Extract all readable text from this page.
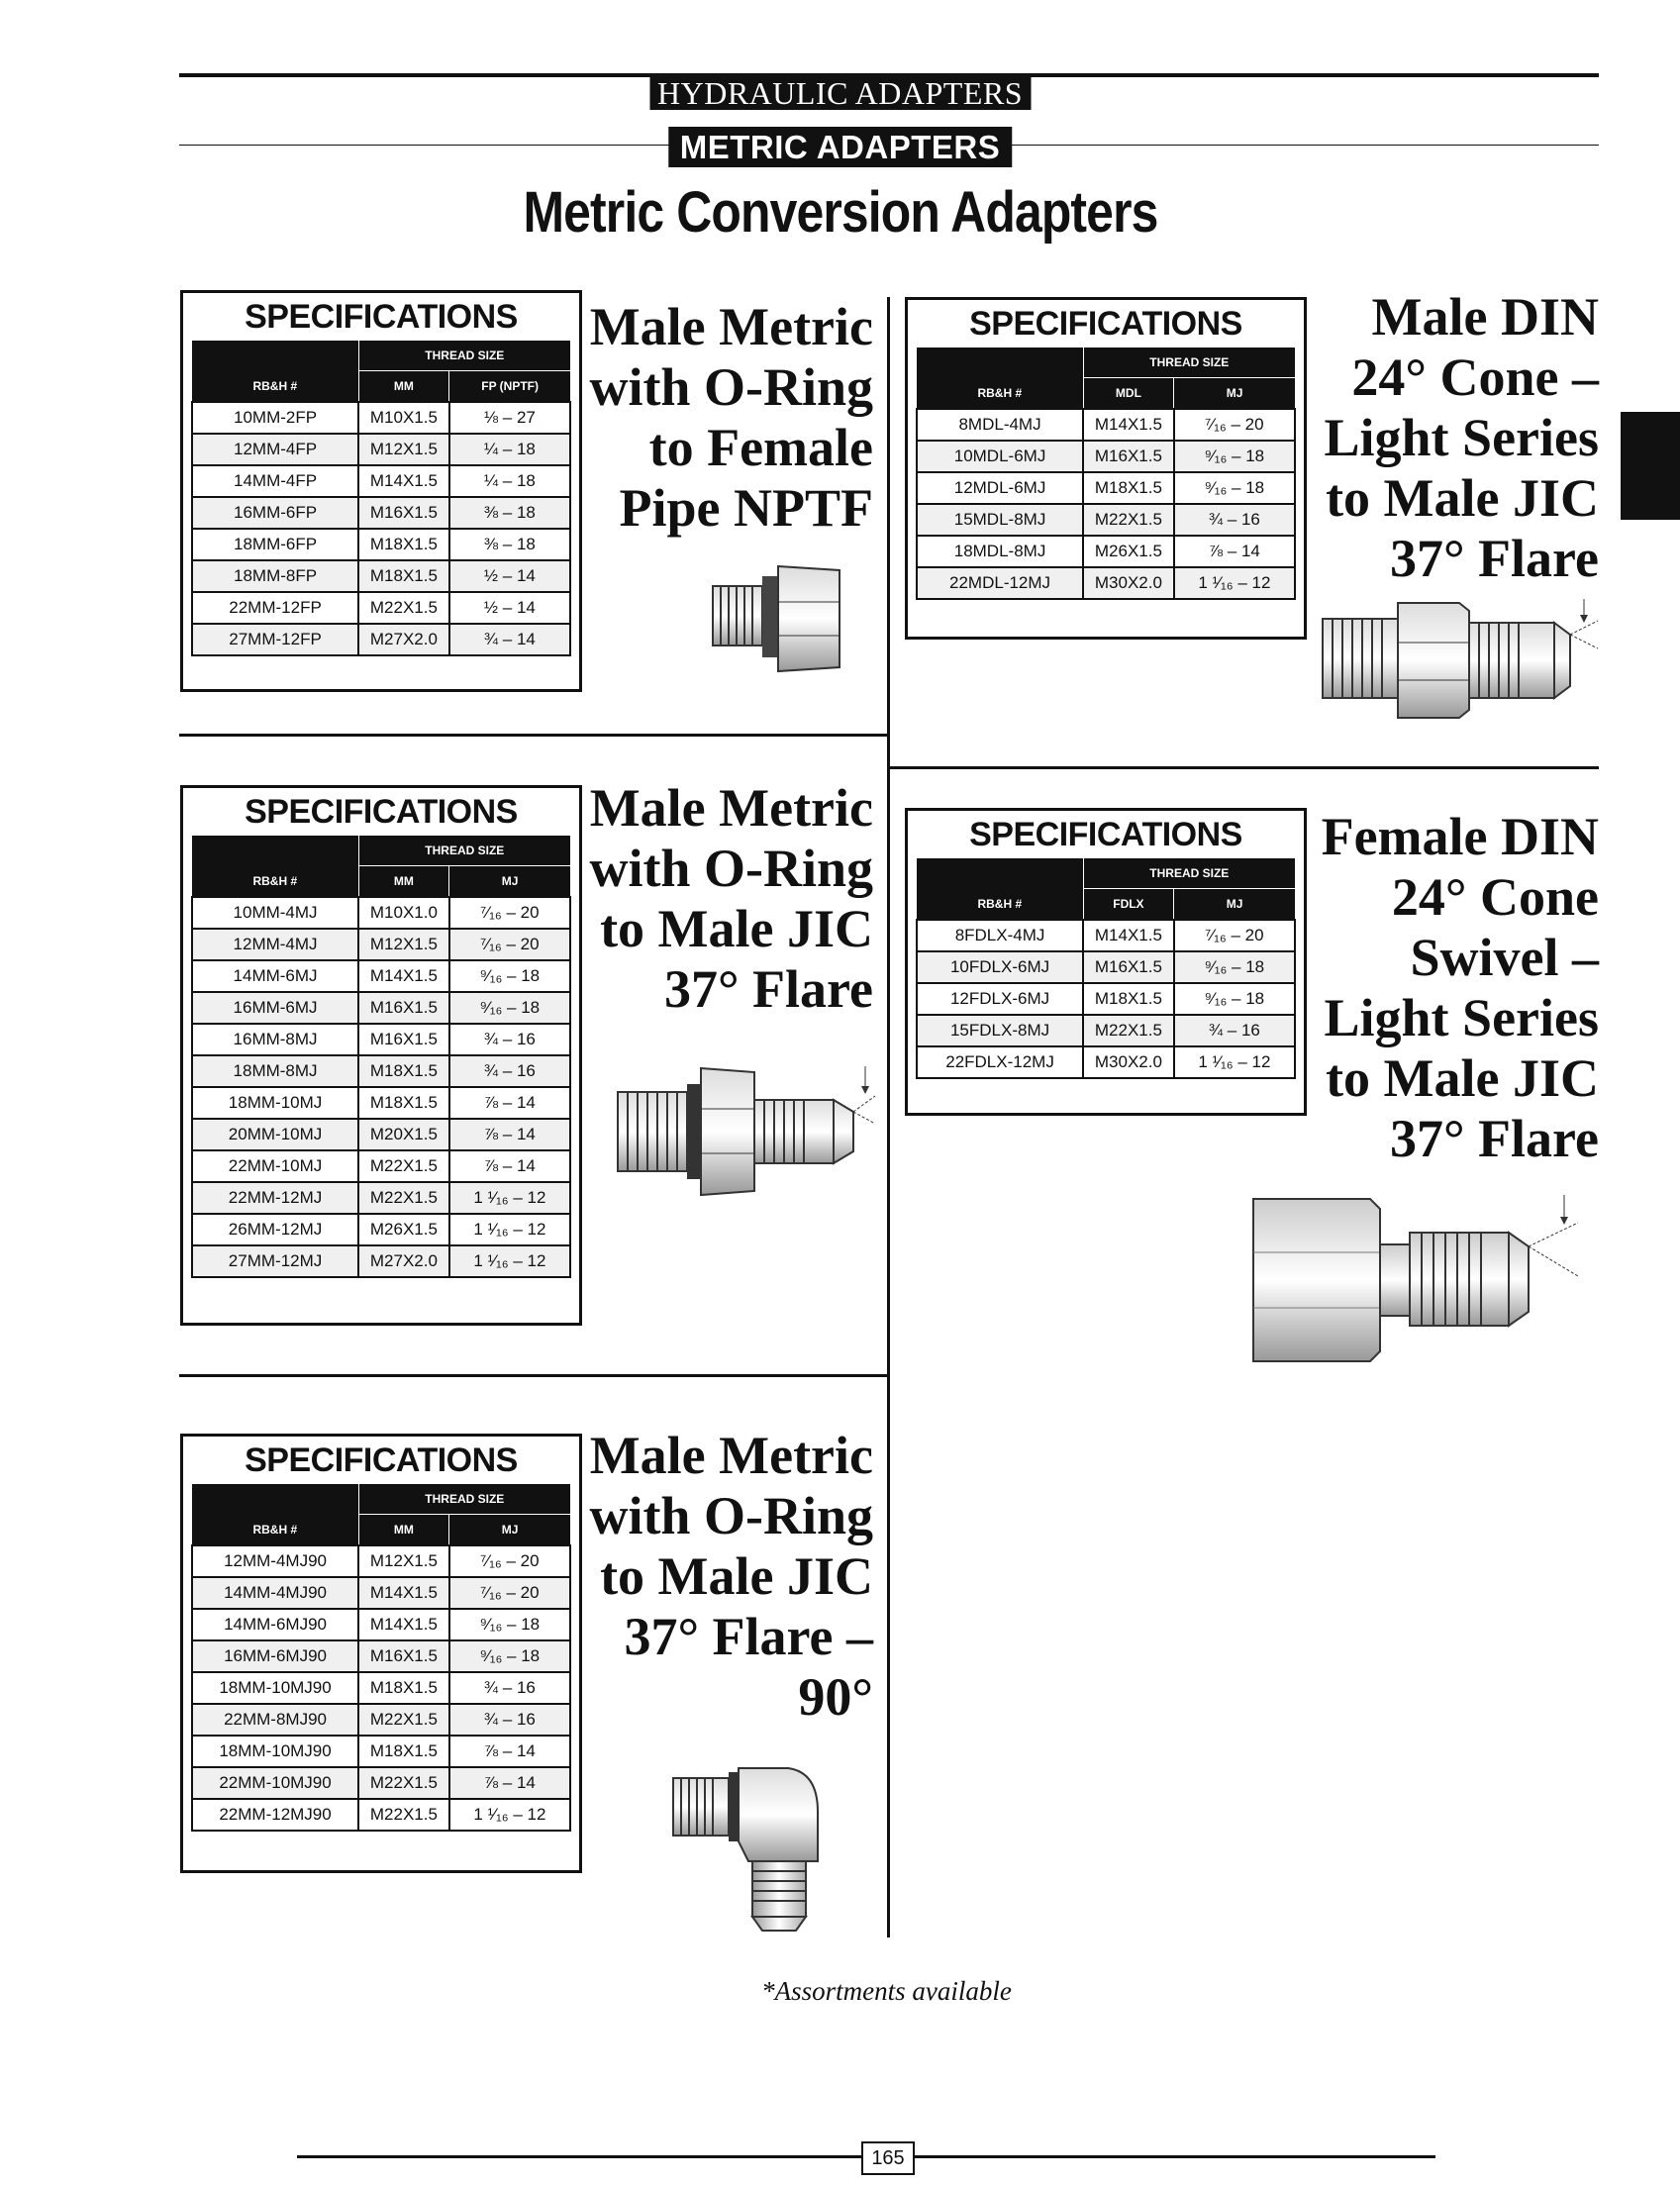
HYDRAULIC ADAPTERS
METRIC ADAPTERS
Metric Conversion Adapters
SPECIFICATIONS
	THREAD SIZE	
RB&H #	MM	FP (NPTF)
10MM-2FP	M10X1.5	⅛ – 27
12MM-4FP	M12X1.5	¼ – 18
14MM-4FP	M14X1.5	¼ – 18
16MM-6FP	M16X1.5	⅜ – 18
18MM-6FP	M18X1.5	⅜ – 18
18MM-8FP	M18X1.5	½ – 14
22MM-12FP	M22X1.5	½ – 14
27MM-12FP	M27X2.0	¾ – 14
Male Metric
with O-Ring
to Female
Pipe NPTF
SPECIFICATIONS
	THREAD SIZE	
RB&H #	MM	MJ
10MM-4MJ	M10X1.0	⁷⁄₁₆ – 20
12MM-4MJ	M12X1.5	⁷⁄₁₆ – 20
14MM-6MJ	M14X1.5	⁹⁄₁₆ – 18
16MM-6MJ	M16X1.5	⁹⁄₁₆ – 18
16MM-8MJ	M16X1.5	¾ – 16
18MM-8MJ	M18X1.5	¾ – 16
18MM-10MJ	M18X1.5	⅞ – 14
20MM-10MJ	M20X1.5	⅞ – 14
22MM-10MJ	M22X1.5	⅞ – 14
22MM-12MJ	M22X1.5	1 ¹⁄₁₆ – 12
26MM-12MJ	M26X1.5	1 ¹⁄₁₆ – 12
27MM-12MJ	M27X2.0	1 ¹⁄₁₆ – 12
Male Metric
with O-Ring
to Male JIC
37° Flare
SPECIFICATIONS
	THREAD SIZE	
RB&H #	MM	MJ
12MM-4MJ90	M12X1.5	⁷⁄₁₆ – 20
14MM-4MJ90	M14X1.5	⁷⁄₁₆ – 20
14MM-6MJ90	M14X1.5	⁹⁄₁₆ – 18
16MM-6MJ90	M16X1.5	⁹⁄₁₆ – 18
18MM-10MJ90	M18X1.5	¾ – 16
22MM-8MJ90	M22X1.5	¾ – 16
18MM-10MJ90	M18X1.5	⅞ – 14
22MM-10MJ90	M22X1.5	⅞ – 14
22MM-12MJ90	M22X1.5	1 ¹⁄₁₆ – 12
Male Metric
with O-Ring
to Male JIC
37° Flare –
90°
SPECIFICATIONS
	THREAD SIZE	
RB&H #	MDL	MJ
8MDL-4MJ	M14X1.5	⁷⁄₁₆ – 20
10MDL-6MJ	M16X1.5	⁹⁄₁₆ – 18
12MDL-6MJ	M18X1.5	⁹⁄₁₆ – 18
15MDL-8MJ	M22X1.5	¾ – 16
18MDL-8MJ	M26X1.5	⅞ – 14
22MDL-12MJ	M30X2.0	1 ¹⁄₁₆ – 12
Male DIN
24° Cone –
Light Series
to Male JIC
37° Flare
SPECIFICATIONS
	THREAD SIZE	
RB&H #	FDLX	MJ
8FDLX-4MJ	M14X1.5	⁷⁄₁₆ – 20
10FDLX-6MJ	M16X1.5	⁹⁄₁₆ – 18
12FDLX-6MJ	M18X1.5	⁹⁄₁₆ – 18
15FDLX-8MJ	M22X1.5	¾ – 16
22FDLX-12MJ	M30X2.0	1 ¹⁄₁₆ – 12
Female DIN
24° Cone
Swivel –
Light Series
to Male JIC
37° Flare
*Assortments available
165
